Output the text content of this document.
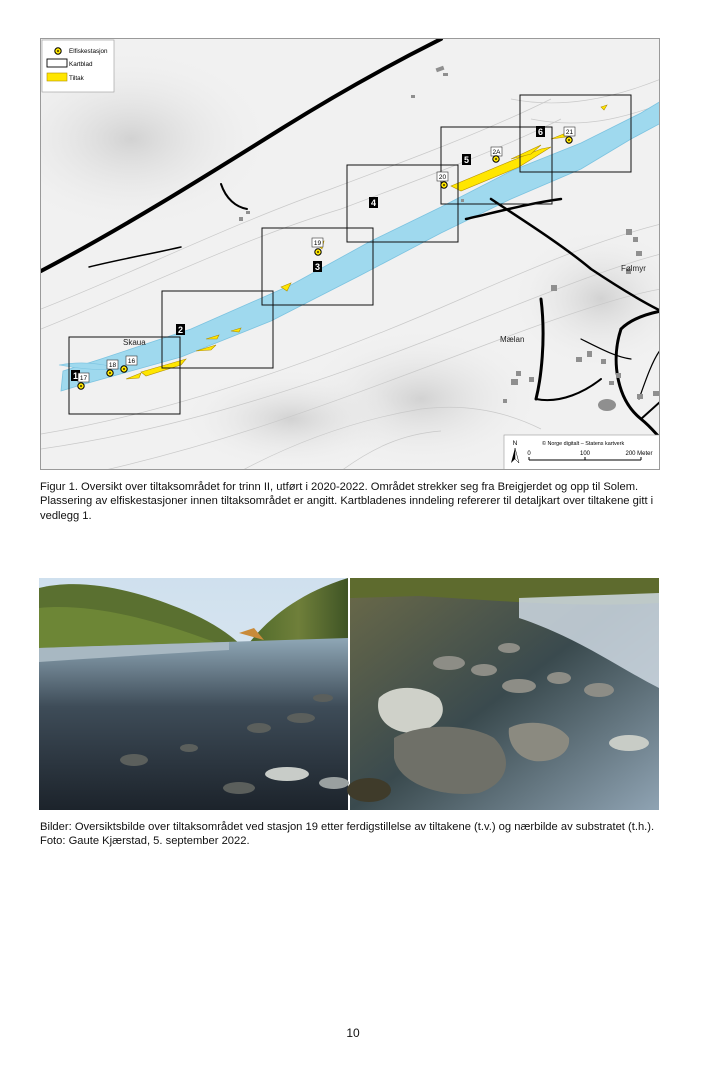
1
2
3
4
5
6
17
18
16
19
20
2A
21
Skaua	Mælan
Følmyr
Elfiskestasjon
Kartblad
Tiltak
N	© Norge digitalt – Statens kartverk
0	100	200 Meter
Figur 1. Oversikt over tiltaksområdet for trinn II, utført i 2020-2022. Området strekker seg fra Breigjerdet og opp til Solem. Plassering av elfiskestasjoner innen tiltaksområdet er angitt. Kartbladenes inndeling refererer til detaljkart over tiltakene gitt i vedlegg 1.
Bilder: Oversiktsbilde over tiltaksområdet ved stasjon 19 etter ferdigstillelse av tiltakene (t.v.) og nærbilde av substratet (t.h.). Foto: Gaute Kjærstad, 5. september 2022.
10
